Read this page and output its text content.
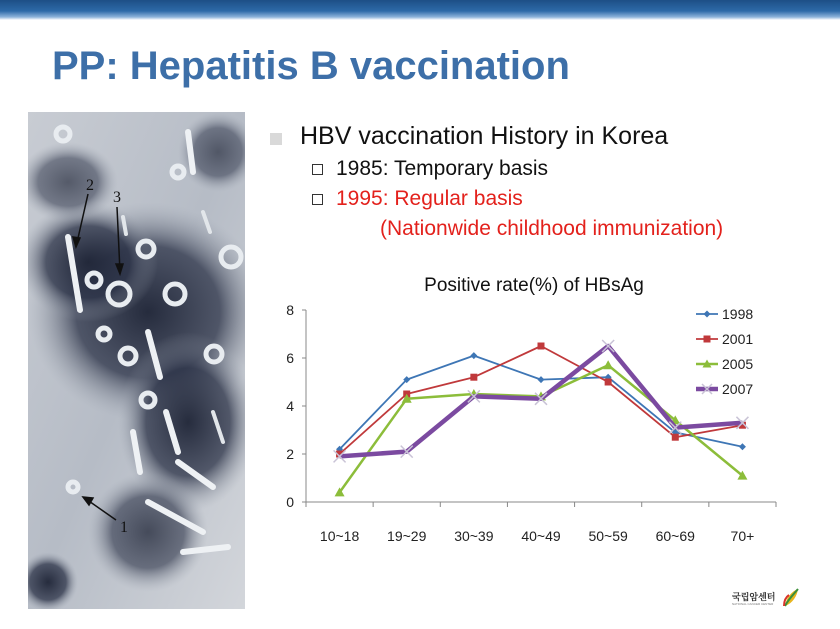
PP: Hepatitis B vaccination
2
3
1
HBV vaccination History in Korea
1985: Temporary basis
1995: Regular basis
(Nationwide childhood immunization)
Positive rate(%) of HBsAg
0
2
4
6
8
10~18 19~29 30~39 40~49 50~59 60~69	70+
1998
2001
2005
2007
국립암센터
NATIONAL CANCER CENTER
